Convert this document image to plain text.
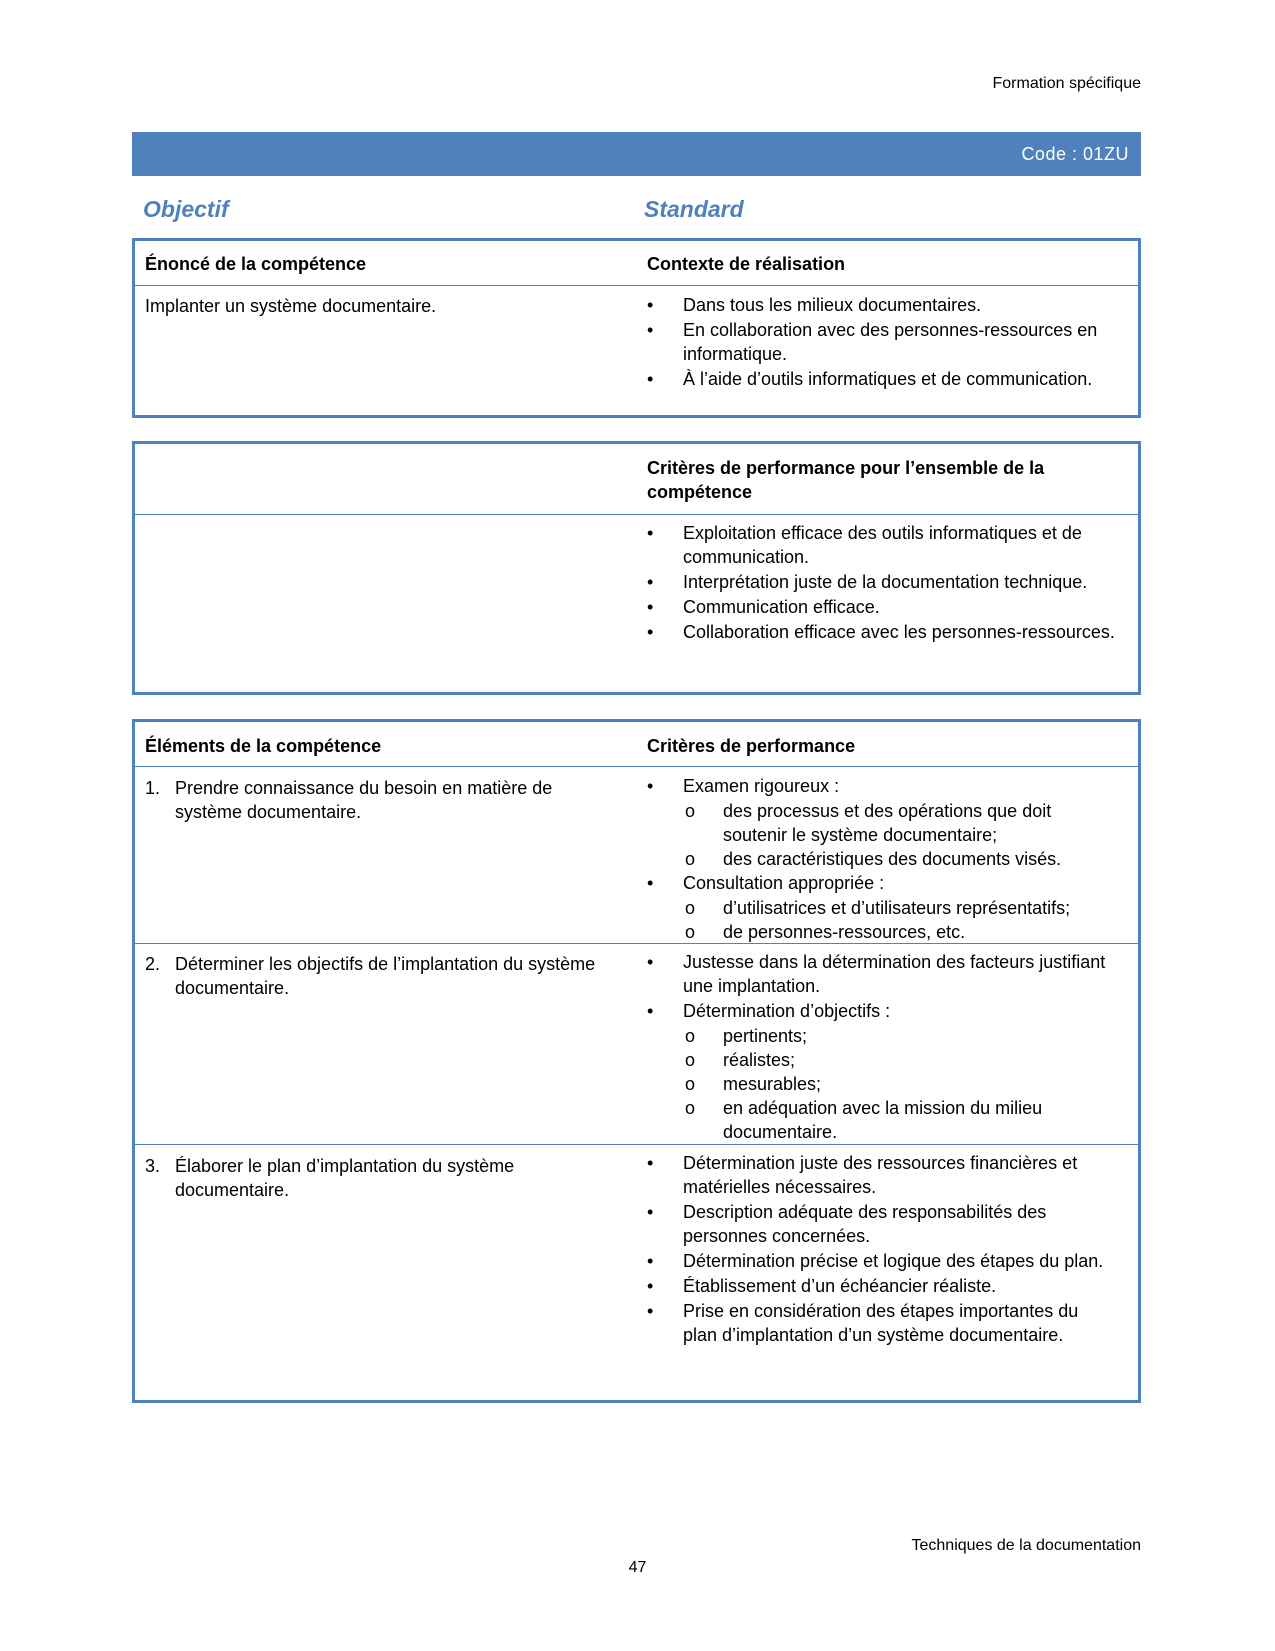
Formation spécifique
Code : 01ZU
Objectif	Standard
Énoncé de la compétence	Contexte de réalisation
Implanter un système documentaire.
•	Dans tous les milieux documentaires.
• En collaboration avec des personnes-ressources en informatique.
• À l’aide d’outils informatiques et de communication.
Critères de performance pour l’ensemble de la compétence
• Exploitation efficace des outils informatiques et de communication.
• Interprétation juste de la documentation technique.
• Communication efficace.
• Collaboration efficace avec les personnes-ressources.
Éléments de la compétence	Critères de performance
1. Prendre connaissance du besoin en matière de système documentaire.
• Examen rigoureux :
o des processus et des opérations que doit soutenir le système documentaire;
o des caractéristiques des documents visés.
• Consultation appropriée :
o d’utilisatrices et d’utilisateurs représentatifs;
o de personnes-ressources, etc.
2. Déterminer les objectifs de l’implantation du système documentaire.
• Justesse dans la détermination des facteurs justifiant une implantation.
• Détermination d’objectifs :
o pertinents;
o réalistes;
o mesurables;
o en adéquation avec la mission du milieu documentaire.
3. Élaborer le plan d’implantation du système documentaire.
• Détermination juste des ressources financières et matérielles nécessaires.
• Description adéquate des responsabilités des personnes concernées.
• Détermination précise et logique des étapes du plan.
• Établissement d’un échéancier réaliste.
• Prise en considération des étapes importantes du plan d’implantation d’un système documentaire.
Techniques de la documentation
47
